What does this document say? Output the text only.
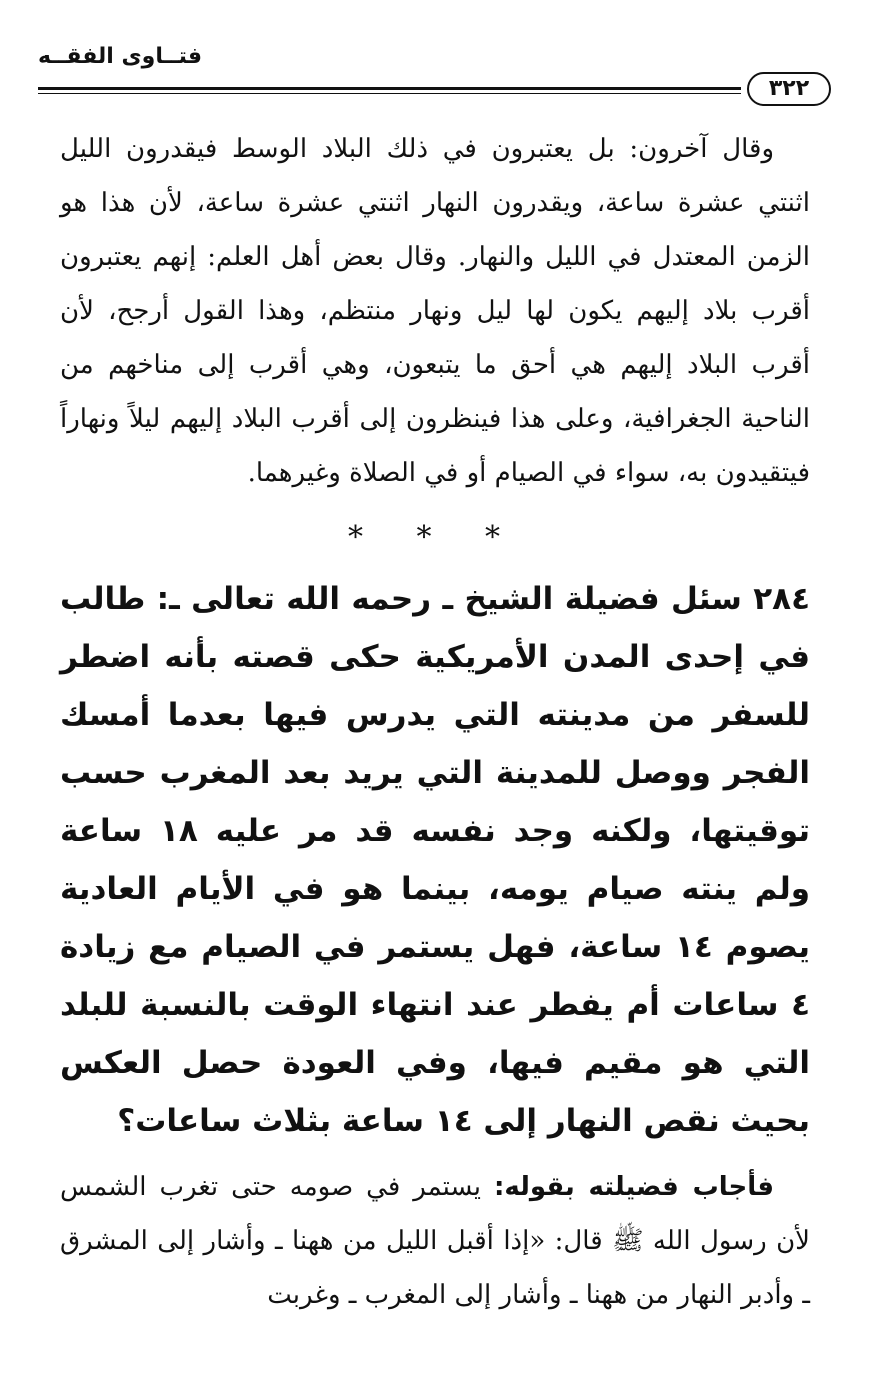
فتــاوى الفقــه
٣٢٢

وقال آخرون: بل يعتبرون في ذلك البلاد الوسط فيقدرون الليل اثنتي عشرة ساعة، ويقدرون النهار اثنتي عشرة ساعة، لأن هذا هو الزمن المعتدل في الليل والنهار. وقال بعض أهل العلم: إنهم يعتبرون أقرب بلاد إليهم يكون لها ليل ونهار منتظم، وهذا القول أرجح، لأن أقرب البلاد إليهم هي أحق ما يتبعون، وهي أقرب إلى مناخهم من الناحية الجغرافية، وعلى هذا فينظرون إلى أقرب البلاد إليهم ليلاً ونهاراً فيتقيدون به، سواء في الصيام أو في الصلاة وغيرهما.

* * *

٢٨٤ سئل فضيلة الشيخ ـ رحمه الله تعالى ـ: طالب في إحدى المدن الأمريكية حكى قصته بأنه اضطر للسفر من مدينته التي يدرس فيها بعدما أمسك الفجر ووصل للمدينة التي يريد بعد المغرب حسب توقيتها، ولكنه وجد نفسه قد مر عليه ١٨ ساعة ولم ينته صيام يومه، بينما هو في الأيام العادية يصوم ١٤ ساعة، فهل يستمر في الصيام مع زيادة ٤ ساعات أم يفطر عند انتهاء الوقت بالنسبة للبلد التي هو مقيم فيها، وفي العودة حصل العكس بحيث نقص النهار إلى ١٤ ساعة بثلاث ساعات؟

فأجاب فضيلته بقوله: يستمر في صومه حتى تغرب الشمس لأن رسول الله ﷺ قال: «إذا أقبل الليل من ههنا ـ وأشار إلى المشرق ـ وأدبر النهار من ههنا ـ وأشار إلى المغرب ـ وغربت
